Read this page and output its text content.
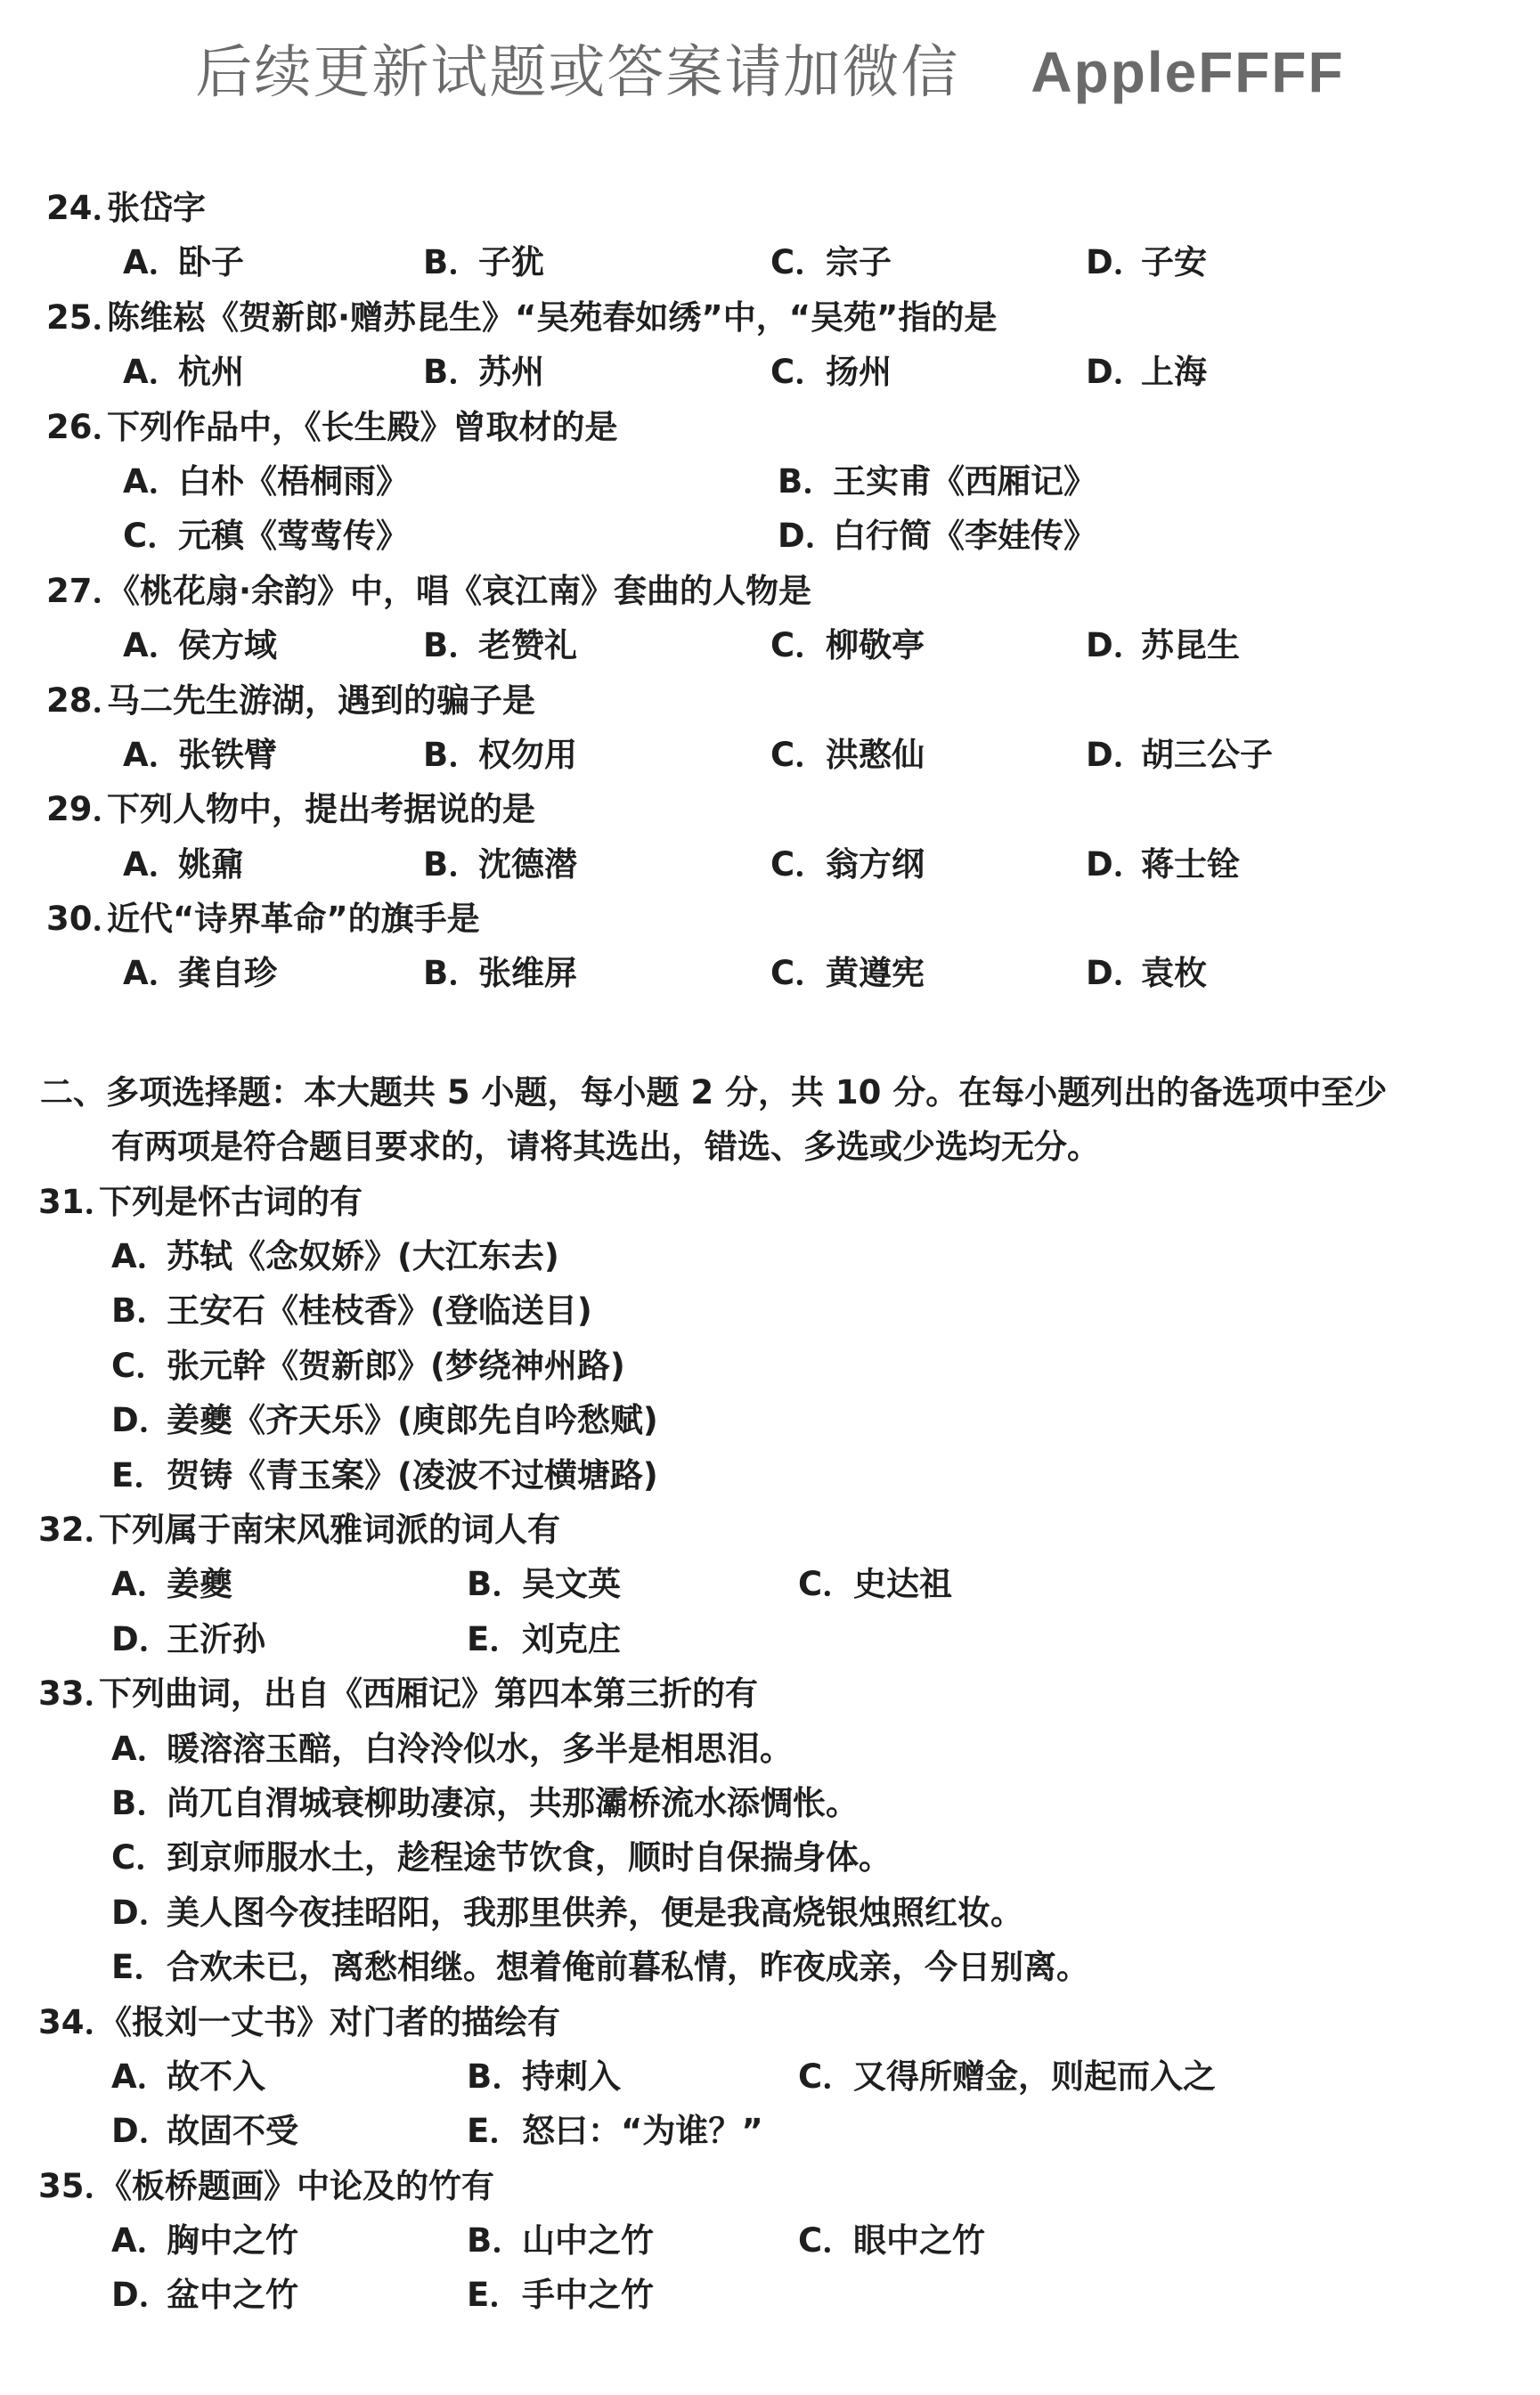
后续更新试题或答案请加微信 AppleFFFF
24．
张岱字
A．
卧子	B．
子犹	C．
宗子	D．
子安
25．
陈维崧《贺新郎·赠苏昆生》“吴苑春如绣”中，“吴苑”指的是
A．
杭州	B．
苏州	C．
扬州	D．
上海
26．
下列作品中，《长生殿》曾取材的是
A．
白朴《梧桐雨》	B．
王实甫《西厢记》
C．
元稹《莺莺传》	D．
白行简《李娃传》
27．
《桃花扇·余韵》中，唱《哀江南》套曲的人物是
A．
侯方域	B．
老赞礼	C．
柳敬亭	D．
苏昆生
28．
马二先生游湖，遇到的骗子是
A．
张铁臂	B．
权勿用	C．
洪憨仙	D．
胡三公子
29．
下列人物中，提出考据说的是
A．
姚鼐	B．
沈德潜	C．
翁方纲	D．
蒋士铨
30．
近代“诗界革命”的旗手是
A．
龚自珍	B．
张维屏	C．
黄遵宪	D．
袁枚
二、多项选择题：本大题共 5 小题，每小题 2 分，共 10 分。在每小题列出的备选项中至少
有两项是符合题目要求的，请将其选出，错选、多选或少选均无分。
31．
下列是怀古词的有
A．
苏轼《念奴娇》(大江东去)
B．
王安石《桂枝香》(登临送目)
C．
张元幹《贺新郎》(梦绕神州路)
D．
姜夔《齐天乐》(庾郎先自吟愁赋)
E． 贺铸《青玉案》(凌波不过横塘路)
32．
下列属于南宋风雅词派的词人有
A．
姜夔	B．
吴文英	C．
史达祖
D．
王沂孙	E． 刘克庄
33．
下列曲词，出自《西厢记》第四本第三折的有
A．
暖溶溶玉醅，白泠泠似水，多半是相思泪。
B．
尚兀自渭城衰柳助凄凉，共那灞桥流水添惆怅。
C．
到京师服水土，趁程途节饮食，顺时自保揣身体。
D．
美人图今夜挂昭阳，我那里供养，便是我高烧银烛照红妆。
E． 合欢未已，离愁相继。想着俺前暮私情，昨夜成亲，今日别离。
34．
《报刘一丈书》对门者的描绘有
A．
故不入	B．
持刺入	C．
又得所赠金，则起而入之
D．
故固不受	E． 怒曰：“为谁？”
35．
《板桥题画》中论及的竹有
A．
胸中之竹	B．
山中之竹	C．
眼中之竹
D．
盆中之竹	E． 手中之竹
